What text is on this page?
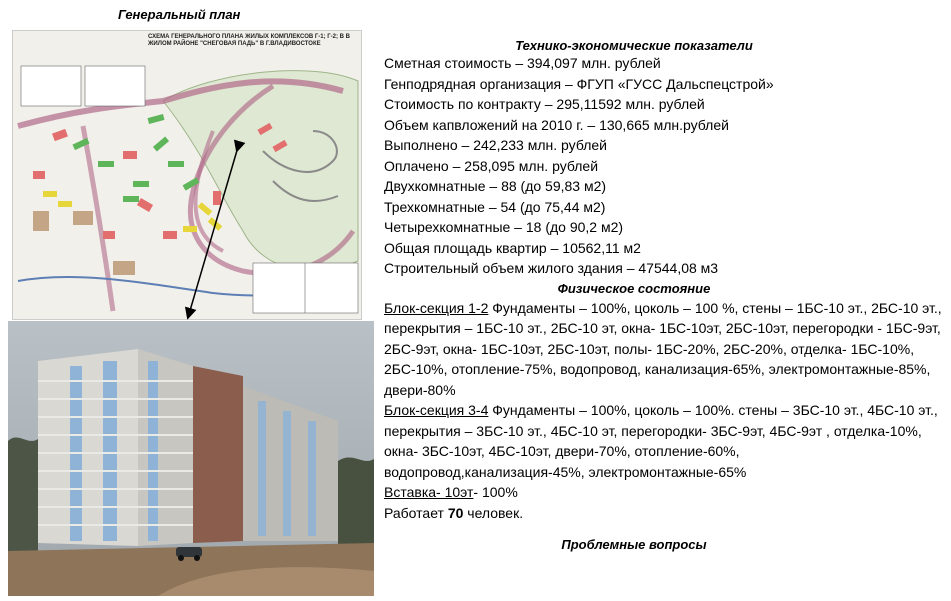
Генеральный план
СХЕМА ГЕНЕРАЛЬНОГО ПЛАНА ЖИЛЫХ КОМПЛЕКСОВ Г-1; Г-2; В В ЖИЛОМ РАЙОНЕ "СНЕГОВАЯ ПАДЬ" В Г.ВЛАДИВОСТОКЕ	Технико-экономические показатели
Сметная стоимость – 394,097 млн. рублей
Генподрядная организация – ФГУП «ГУСС Дальспецстрой»
Стоимость по контракту – 295,11592 млн. рублей
Объем капвложений на 2010 г. – 130,665 млн.рублей
Выполнено – 242,233 млн. рублей
Оплачено – 258,095 млн. рублей
Двухкомнатные – 88 (до 59,83 м2)
Трехкомнатные – 54 (до 75,44 м2)
Четырехкомнатные – 18 (до 90,2 м2)
Общая площадь квартир – 10562,11 м2
Строительный объем жилого здания – 47544,08 м3
Физическое состояние
Блок-секция 1-2 Фундаменты – 100%, цоколь – 100 %, стены – 1БС-10 эт., 2БС-10 эт., перекрытия – 1БС-10 эт., 2БС-10 эт, окна- 1БС-10эт, 2БС-10эт, перегородки - 1БС-9эт, 2БС-9эт, окна- 1БС-10эт, 2БС-10эт, полы- 1БС-20%, 2БС-20%, отделка- 1БС-10%, 2БС-10%, отопление-75%, водопровод, канализация-65%, электромонтажные-85%, двери-80%
Блок-секция 3-4 Фундаменты – 100%, цоколь – 100%. стены – 3БС-10 эт., 4БС-10 эт., перекрытия – 3БС-10 эт., 4БС-10 эт, перегородки- 3БС-9эт, 4БС-9эт , отделка-10%, окна- 3БС-10эт, 4БС-10эт, двери-70%, отопление-60%, водопровод,канализация-45%, электромонтажные-65%
Вставка- 10эт- 100%
Работает 70 человек.
Проблемные вопросы
